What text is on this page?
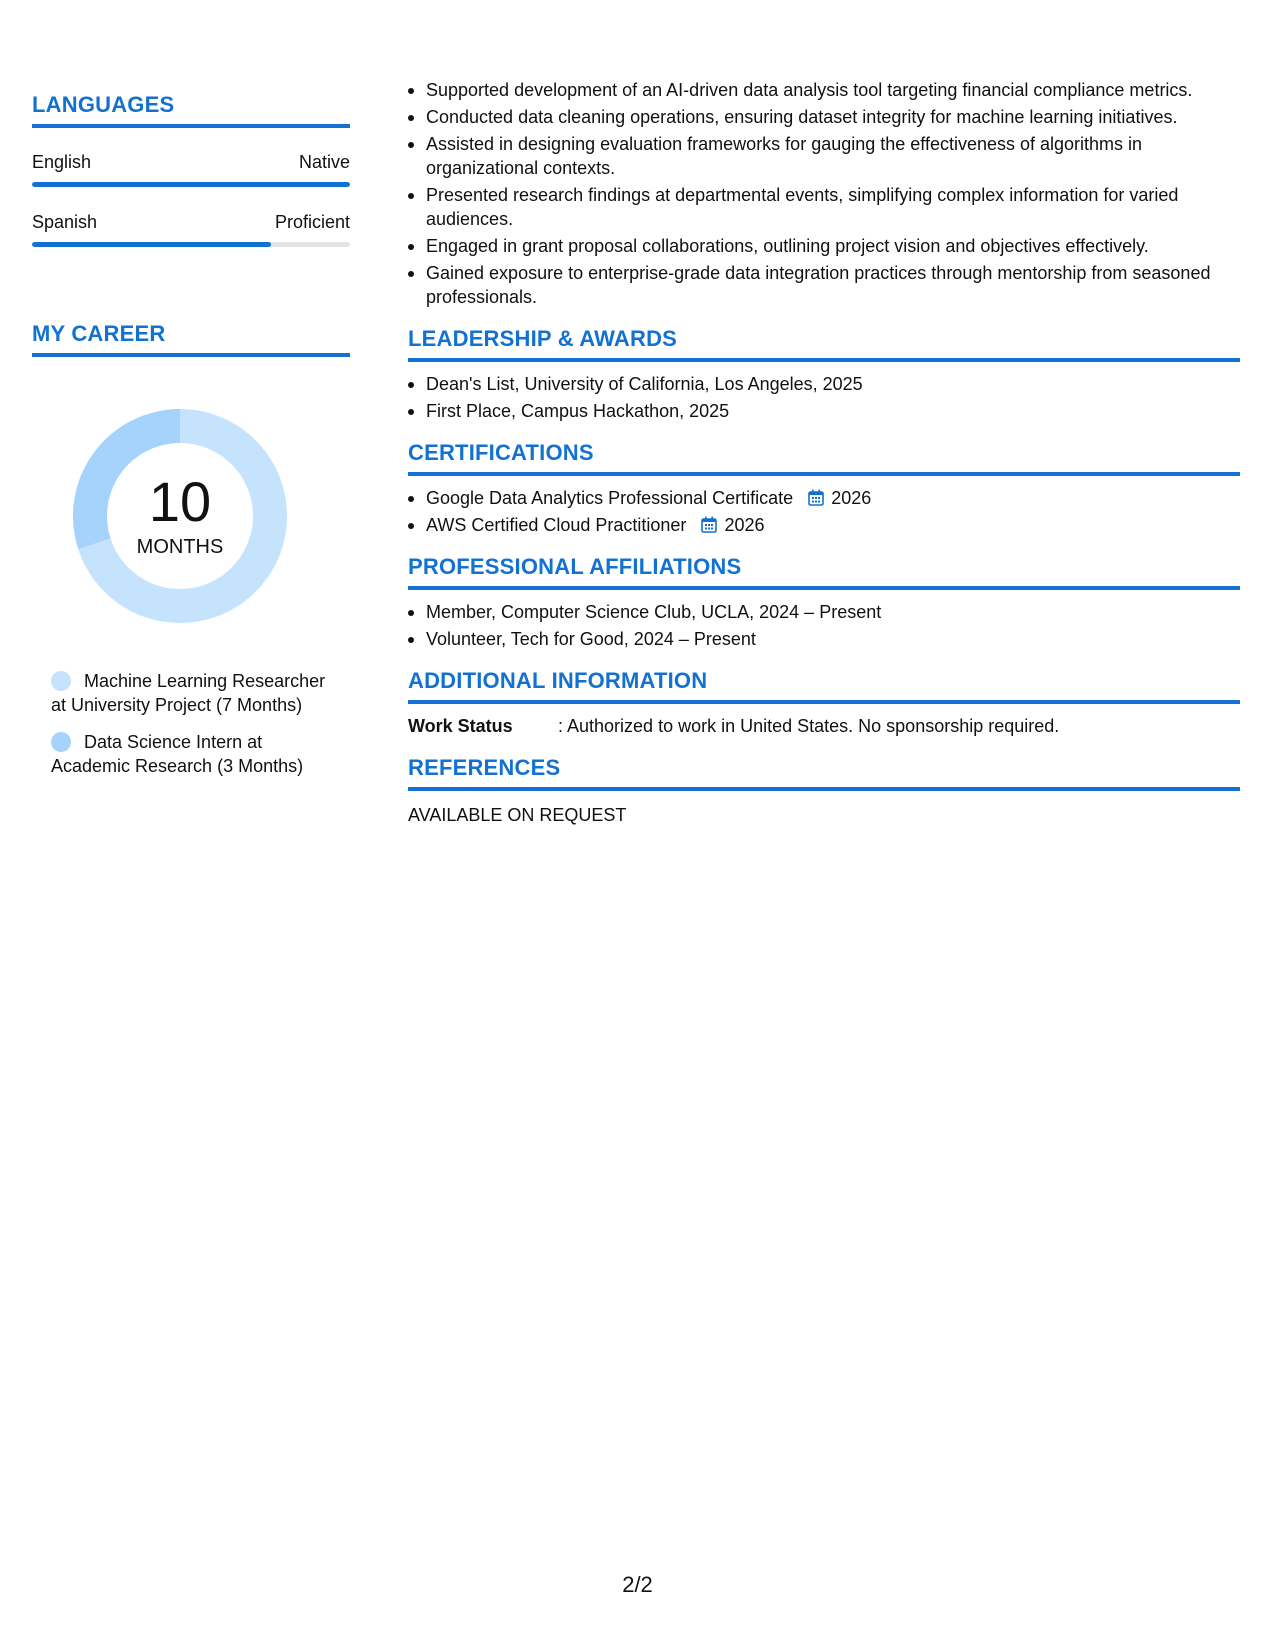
LANGUAGES
English	Native
Spanish	Proficient
MY CAREER
10
MONTHS
Machine Learning Researcher at University Project (7 Months)
Data Science Intern at Academic Research (3 Months)
Supported development of an AI-driven data analysis tool targeting financial compliance metrics.
Conducted data cleaning operations, ensuring dataset integrity for machine learning initiatives.
Assisted in designing evaluation frameworks for gauging the effectiveness of algorithms in organizational contexts.
Presented research findings at departmental events, simplifying complex information for varied audiences.
Engaged in grant proposal collaborations, outlining project vision and objectives effectively.
Gained exposure to enterprise-grade data integration practices through mentorship from seasoned professionals.
LEADERSHIP & AWARDS
Dean's List, University of California, Los Angeles, 2025
First Place, Campus Hackathon, 2025
CERTIFICATIONS
Google Data Analytics Professional Certificate 2026
AWS Certified Cloud Practitioner 2026
PROFESSIONAL AFFILIATIONS
Member, Computer Science Club, UCLA, 2024 – Present
Volunteer, Tech for Good, 2024 – Present
ADDITIONAL INFORMATION
Work Status	: Authorized to work in United States. No sponsorship required.
REFERENCES
AVAILABLE ON REQUEST
2/2
